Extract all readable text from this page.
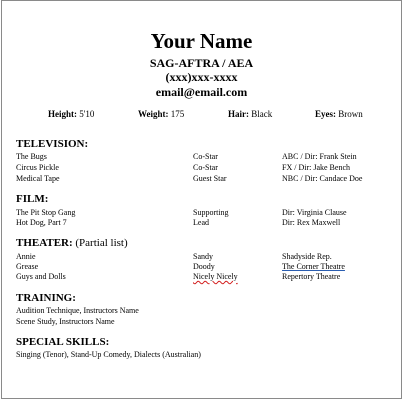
Your Name
SAG-AFTRA / AEA
(xxx)xxx-xxxx
email@email.com
Height: 5'10	Weight: 175	Hair: Black	Eyes: Brown
TELEVISION:
The Bugs	Co-Star	ABC / Dir: Frank Stein
Circus Pickle	Co-Star	FX / Dir: Jake Bench
Medical Tape	Guest Star	NBC / Dir: Candace Doe
FILM:
The Pit Stop Gang	Supporting	Dir: Virginia Clause
Hot Dog, Part 7	Lead	Dir: Rex Maxwell
THEATER: (Partial list)
Annie	Sandy	Shadyside Rep.
Grease	Doody	The Corner Theatre
Guys and Dolls	Nicely Nicely	Repertory Theatre
TRAINING:
Audition Technique, Instructors Name
Scene Study, Instructors Name
SPECIAL SKILLS:
Singing (Tenor), Stand-Up Comedy, Dialects (Australian)
